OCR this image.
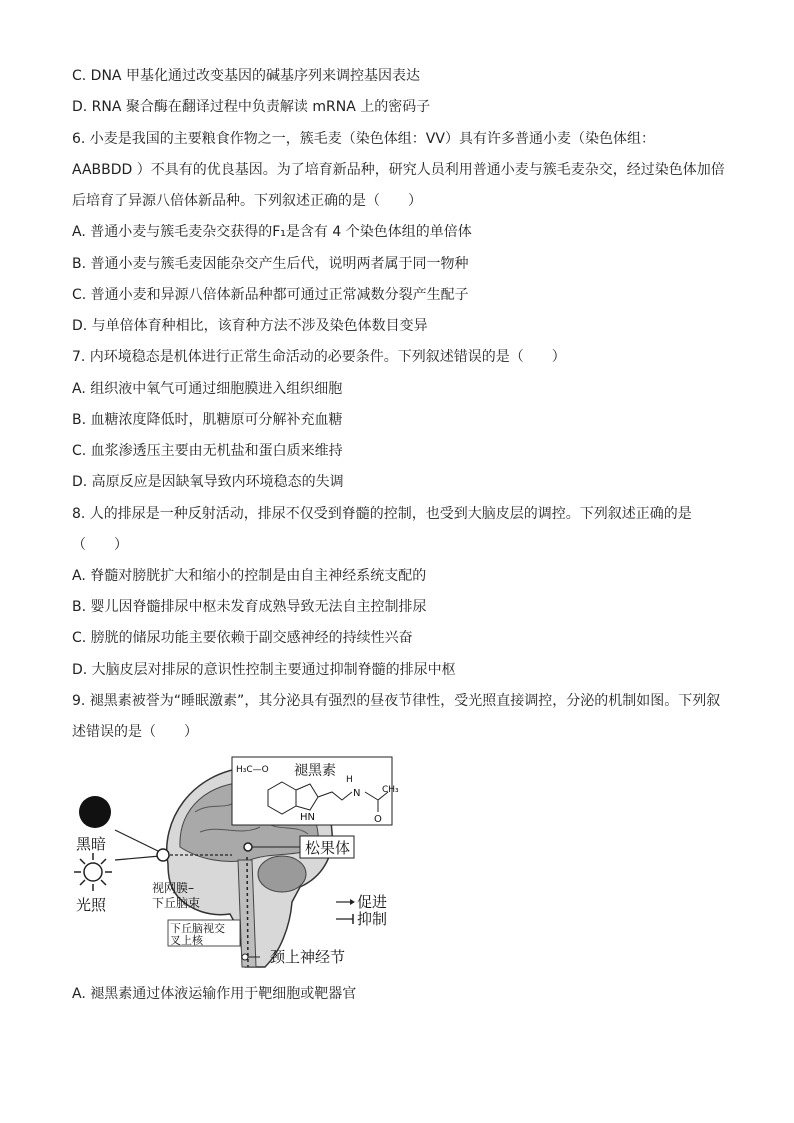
C. DNA 甲基化通过改变基因的碱基序列来调控基因表达
D. RNA 聚合酶在翻译过程中负责解读 mRNA 上的密码子
6. 小麦是我国的主要粮食作物之一，簇毛麦（染色体组：VV）具有许多普通小麦（染色体组：
AABBDD ）不具有的优良基因。为了培育新品种，研究人员利用普通小麦与簇毛麦杂交，经过染色体加倍
后培育了异源八倍体新品种。下列叙述正确的是（　　）
A. 普通小麦与簇毛麦杂交获得的F₁是含有 4 个染色体组的单倍体
B. 普通小麦与簇毛麦因能杂交产生后代，说明两者属于同一物种
C. 普通小麦和异源八倍体新品种都可通过正常减数分裂产生配子
D. 与单倍体育种相比，该育种方法不涉及染色体数目变异
7. 内环境稳态是机体进行正常生命活动的必要条件。下列叙述错误的是（　　）
A. 组织液中氧气可通过细胞膜进入组织细胞
B. 血糖浓度降低时，肌糖原可分解补充血糖
C. 血浆渗透压主要由无机盐和蛋白质来维持
D. 高原反应是因缺氧导致内环境稳态的失调
8. 人的排尿是一种反射活动，排尿不仅受到脊髓的控制，也受到大脑皮层的调控。下列叙述正确的是
（　　）
A. 脊髓对膀胱扩大和缩小的控制是由自主神经系统支配的
B. 婴儿因脊髓排尿中枢未发育成熟导致无法自主控制排尿
C. 膀胱的储尿功能主要依赖于副交感神经的持续性兴奋
D. 大脑皮层对排尿的意识性控制主要通过抑制脊髓的排尿中枢
9. 褪黑素被誉为“睡眠激素”，其分泌具有强烈的昼夜节律性，受光照直接调控，分泌的机制如图。下列叙
述错误的是（　　）
黑暗
光照
H₃C—O 褪黑素
H
N CH₃
O
HN
松果体
视网膜–
下丘脑束
下丘脑视交
叉上核
促进
抑制
颈上神经节
A. 褪黑素通过体液运输作用于靶细胞或靶器官
